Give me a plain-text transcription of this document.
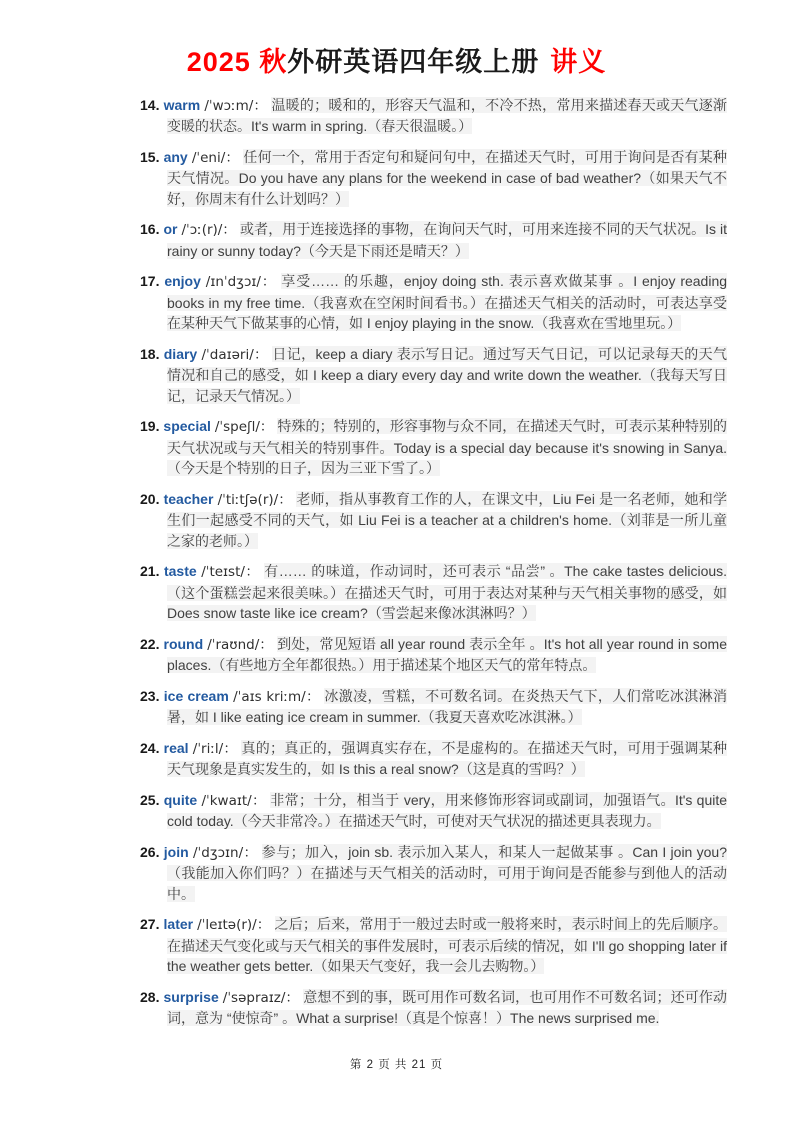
2025 秋外研英语四年级上册 讲义
14. warm /ˈwɔːm/： 温暖的；暖和的，形容天气温和，不冷不热，常用来描述春天或天气逐渐变暖的状态。It's warm in spring.（春天很温暖。）
15. any /ˈeni/： 任何一个，常用于否定句和疑问句中，在描述天气时，可用于询问是否有某种天气情况。Do you have any plans for the weekend in case of bad weather?（如果天气不好，你周末有什么计划吗？）
16. or /ˈɔː(r)/： 或者，用于连接选择的事物，在询问天气时，可用来连接不同的天气状况。Is it rainy or sunny today?（今天是下雨还是晴天？）
17. enjoy /ɪnˈdʒɔɪ/： 享受…… 的乐趣，enjoy doing sth. 表示喜欢做某事 。I enjoy reading books in my free time.（我喜欢在空闲时间看书。）在描述天气相关的活动时，可表达享受在某种天气下做某事的心情，如 I enjoy playing in the snow.（我喜欢在雪地里玩。）
18. diary /ˈdaɪəri/： 日记，keep a diary 表示写日记。通过写天气日记，可以记录每天的天气情况和自己的感受，如 I keep a diary every day and write down the weather.（我每天写日记，记录天气情况。）
19. special /ˈspeʃl/： 特殊的；特别的，形容事物与众不同，在描述天气时，可表示某种特别的天气状况或与天气相关的特别事件。Today is a special day because it's snowing in Sanya.（今天是个特别的日子，因为三亚下雪了。）
20. teacher /ˈtiːtʃə(r)/： 老师，指从事教育工作的人，在课文中，Liu Fei 是一名老师，她和学生们一起感受不同的天气，如 Liu Fei is a teacher at a children's home.（刘菲是一所儿童之家的老师。）
21. taste /ˈteɪst/： 有…… 的味道，作动词时，还可表示 “品尝” 。The cake tastes delicious.（这个蛋糕尝起来很美味。）在描述天气时，可用于表达对某种与天气相关事物的感受，如 Does snow taste like ice cream?（雪尝起来像冰淇淋吗？）
22. round /ˈraʊnd/： 到处，常见短语 all year round 表示全年 。It's hot all year round in some places.（有些地方全年都很热。）用于描述某个地区天气的常年特点。
23. ice cream /ˈaɪs kriːm/： 冰激凌，雪糕，不可数名词。在炎热天气下，人们常吃冰淇淋消暑，如 I like eating ice cream in summer.（我夏天喜欢吃冰淇淋。）
24. real /ˈriːl/： 真的；真正的，强调真实存在，不是虚构的。在描述天气时，可用于强调某种天气现象是真实发生的，如 Is this a real snow?（这是真的雪吗？）
25. quite /ˈkwaɪt/： 非常；十分，相当于 very，用来修饰形容词或副词，加强语气。It's quite cold today.（今天非常冷。）在描述天气时，可使对天气状况的描述更具表现力。
26. join /ˈdʒɔɪn/： 参与；加入，join sb. 表示加入某人，和某人一起做某事 。Can I join you?（我能加入你们吗？）在描述与天气相关的活动时，可用于询问是否能参与到他人的活动中。
27. later /ˈleɪtə(r)/： 之后；后来，常用于一般过去时或一般将来时，表示时间上的先后顺序。在描述天气变化或与天气相关的事件发展时，可表示后续的情况，如 I'll go shopping later if the weather gets better.（如果天气变好，我一会儿去购物。）
28. surprise /ˈsəpraɪz/： 意想不到的事，既可用作可数名词，也可用作不可数名词；还可作动词，意为 “使惊奇” 。What a surprise!（真是个惊喜！）The news surprised me.
第 2 页 共 21 页
